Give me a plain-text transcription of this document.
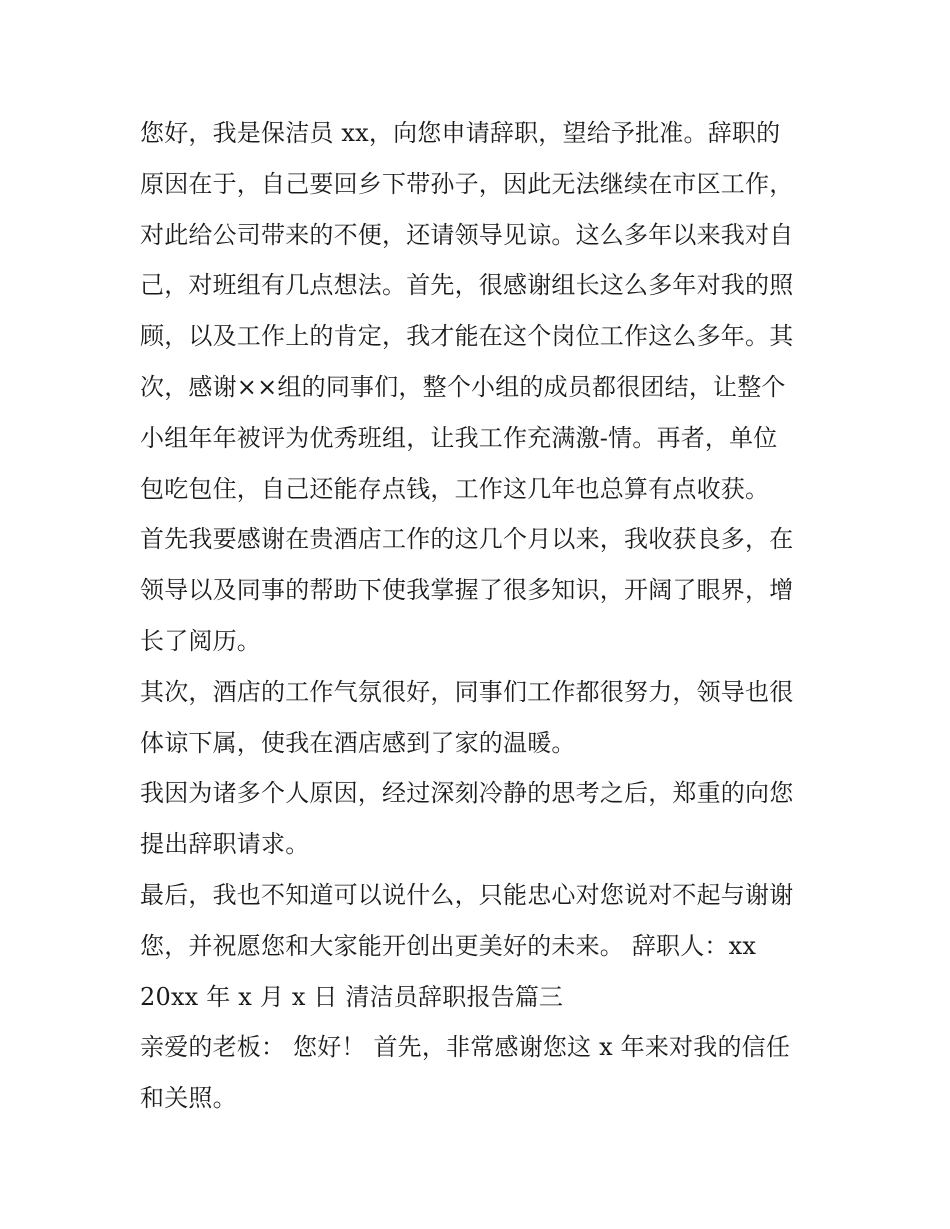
您好，我是保洁员 xx，向您申请辞职，望给予批准。辞职的
原因在于，自己要回乡下带孙子，因此无法继续在市区工作，
对此给公司带来的不便，还请领导见谅。这么多年以来我对自
己，对班组有几点想法。首先，很感谢组长这么多年对我的照
顾，以及工作上的肯定，我才能在这个岗位工作这么多年。其
次，感谢××组的同事们，整个小组的成员都很团结，让整个
小组年年被评为优秀班组，让我工作充满激-情。再者，单位
包吃包住，自己还能存点钱，工作这几年也总算有点收获。
首先我要感谢在贵酒店工作的这几个月以来，我收获良多，在
领导以及同事的帮助下使我掌握了很多知识，开阔了眼界，增
长了阅历。
其次，酒店的工作气氛很好，同事们工作都很努力，领导也很
体谅下属，使我在酒店感到了家的温暖。
我因为诸多个人原因，经过深刻冷静的思考之后，郑重的向您
提出辞职请求。
最后，我也不知道可以说什么，只能忠心对您说对不起与谢谢
您，并祝愿您和大家能开创出更美好的未来。 辞职人：xx
20xx 年 x 月 x 日 清洁员辞职报告篇三
亲爱的老板： 您好！ 首先，非常感谢您这 x 年来对我的信任
和关照。
